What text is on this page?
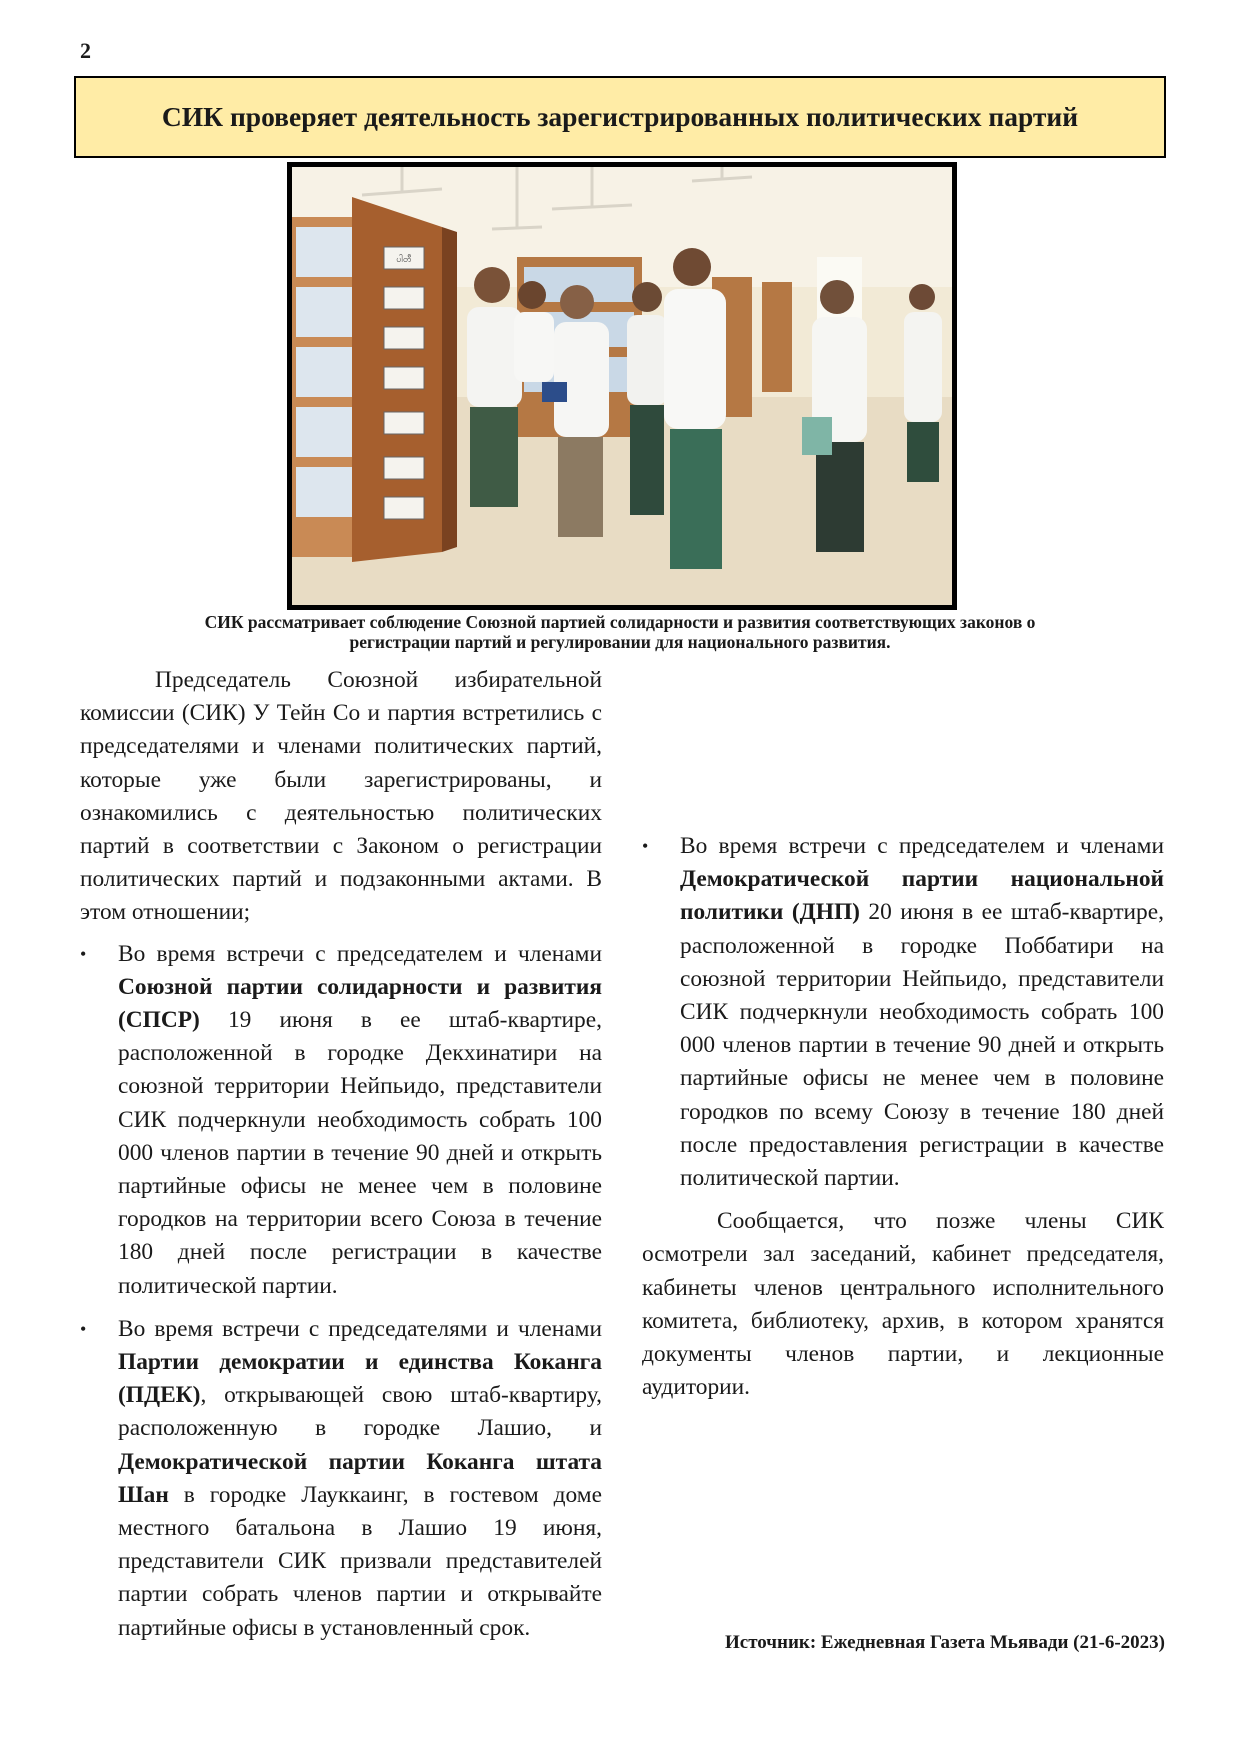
2
СИК проверяет деятельность зарегистрированных политических партий
ပါတီ
СИК рассматривает соблюдение Союзной партией солидарности и развития соответствующих законов о
регистрации партий и регулировании для национального развития.

Председатель Союзной избирательной комиссии (СИК) У Тейн Со и партия встретились с председателями и членами политических партий, которые уже были зарегистрированы, и ознакомились с деятельностью политических партий в соответствии с Законом о регистрации политических партий и подзаконными актами. В этом отношении;

• Во время встречи с председателем и членами Союзной партии солидарности и развития (СПСР) 19 июня в ее штаб-квартире, расположенной в городке Декхинатири на союзной территории Нейпьидо, представители СИК подчеркнули необходимость собрать 100 000 членов партии в течение 90 дней и открыть партийные офисы не менее чем в половине городков на территории всего Союза в течение 180 дней после регистрации в качестве политической партии.
• Во время встречи с председателями и членами Партии демократии и единства Коканга (ПДЕК), открывающей свою штаб-квартиру, расположенную в городке Лашио, и Демократической партии Коканга штата Шан в городке Лауккаинг, в гостевом доме местного батальона в Лашио 19 июня, представители СИК призвали представителей партии собрать членов партии и открывайте партийные офисы в установленный срок.
• Во время встречи с председателем и членами Демократической партии национальной политики (ДНП) 20 июня в ее штаб-квартире, расположенной в городке Поббатири на союзной территории Нейпьидо, представители СИК подчеркнули необходимость собрать 100 000 членов партии в течение 90 дней и открыть партийные офисы не менее чем в половине городков по всему Союзу в течение 180 дней после предоставления регистрации в качестве политической партии.

Сообщается, что позже члены СИК осмотрели зал заседаний, кабинет председателя, кабинеты членов центрального исполнительного комитета, библиотеку, архив, в котором хранятся документы членов партии, и лекционные аудитории.

Источник: Ежедневная Газета Мьявади (21-6-2023)
